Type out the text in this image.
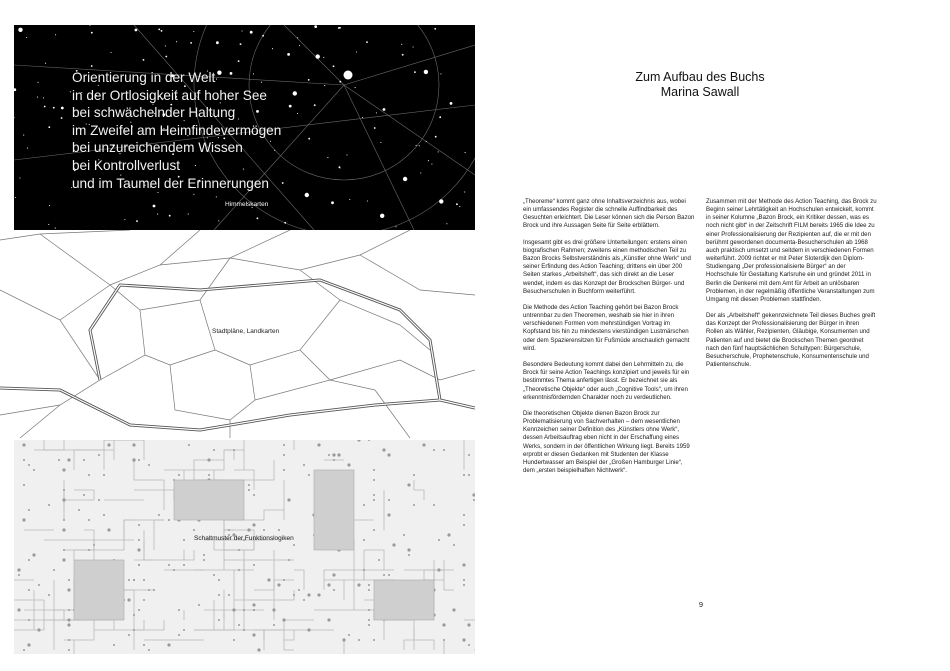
Orientierung in der Welt
in der Ortlosigkeit auf hoher See
bei schwächelnder Haltung
im Zweifel am Heimfindevermögen
bei unzureichendem Wissen
bei Kontrollverlust
und im Taumel der Erinnerungen
Himmelskarten
Stadtpläne, Landkarten
Schaltmuster der Funktionslogiken
Zum Aufbau des Buchs
Marina Sawall

„Theoreme“ kommt ganz ohne Inhaltsverzeichnis aus, wobei ein umfassendes Register die schnelle Auffindbarkeit des Gesuchten erleichtert. Die Leser können sich die Person Bazon Brock und ihre Aussagen Seite für Seite erblättern.

Insgesamt gibt es drei größere Unterteilungen: erstens einen biografischen Rahmen; zweitens einen methodischen Teil zu Bazon Brocks Selbstverständnis als „Künstler ohne Werk“ und seiner Erfindung des Action Teaching; drittens ein über 200 Seiten starkes „Arbeitsheft“, das sich direkt an die Leser wendet, indem es das Konzept der Brockschen Bürger- und Besucherschulen in Buchform weiterführt.

Die Methode des Action Teaching gehört bei Bazon Brock untrennbar zu den Theoremen, weshalb sie hier in ihren verschiedenen Formen vom mehrstündigen Vortrag im Kopfstand bis hin zu mindestens vierstündigen Lustmärschen oder dem Spazierensitzen für Fußmüde anschaulich gemacht wird.

Besondere Bedeutung kommt dabei den Lehrmitteln zu, die Brock für seine Action Teachings konzipiert und jeweils für ein bestimmtes Thema anfertigen lässt. Er bezeichnet sie als „Theoretische Objekte“ oder auch „Cognitive Tools“, um ihren erkenntnisfördernden Charakter noch zu verdeutlichen.

Die theoretischen Objekte dienen Bazon Brock zur Problematisierung von Sachverhalten – dem wesentlichen Kennzeichen seiner Definition des „Künstlers ohne Werk“, dessen Arbeitsauftrag eben nicht in der Erschaffung eines Werks, sondern in der öffentlichen Wirkung liegt. Bereits 1959 erprobt er diesen Gedanken mit Studenten der Klasse Hundertwasser am Beispiel der „Großen Hamburger Linie“, dem „ersten beispielhaften Nichtwerk“.

Zusammen mit der Methode des Action Teaching, das Brock zu Beginn seiner Lehrtätigkeit an Hochschulen entwickelt, kommt in seiner Kolumne „Bazon Brock, ein Kritiker dessen, was es noch nicht gibt“ in der Zeitschrift FILM bereits 1965 die Idee zu einer Professionalisierung der Rezipienten auf, die er mit den berühmt gewordenen documenta-Besucherschulen ab 1968 auch praktisch umsetzt und seitdem in verschiedenen Formen weiterführt. 2009 richtet er mit Peter Sloterdijk den Diplom-Studiengang „Der professionalisierte Bürger“ an der Hochschule für Gestaltung Karlsruhe ein und gründet 2011 in Berlin die Denkerei mit dem Amt für Arbeit an unlösbaren Problemen, in der regelmäßig öffentliche Veranstaltungen zum Umgang mit diesen Problemen stattfinden.

Der als „Arbeitsheft“ gekennzeichnete Teil dieses Buches greift das Konzept der Professionalisierung der Bürger in ihren Rollen als Wähler, Rezipienten, Gläubige, Konsumenten und Patienten auf und bietet die Brockschen Themen geordnet nach den fünf hauptsächlichen Schultypen: Bürgerschule, Besucherschule, Prophetenschule, Konsumentenschule und Patientenschule.

9
